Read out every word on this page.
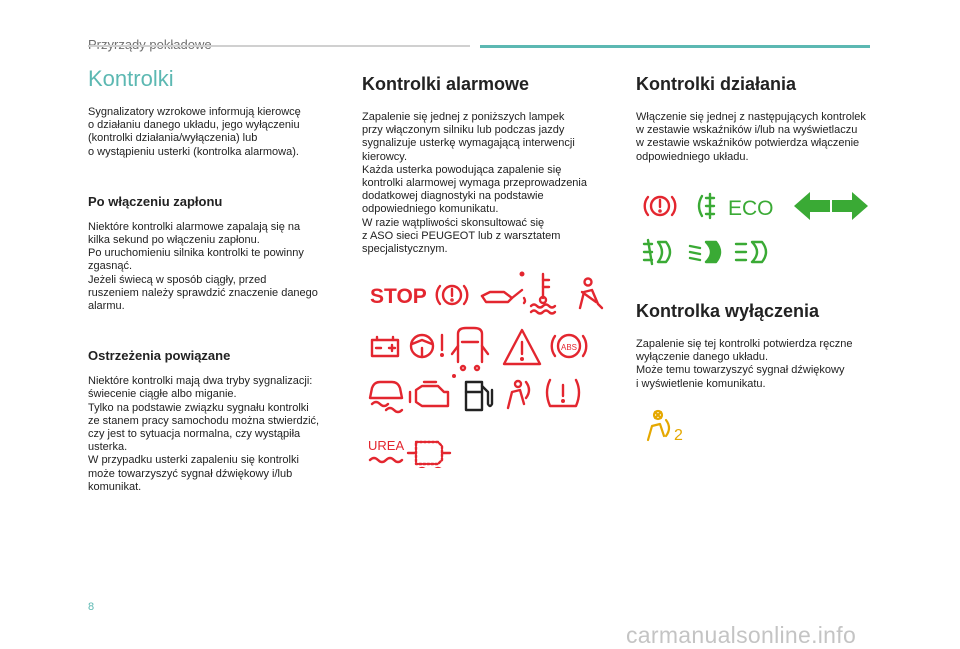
Kontrolki

Sygnalizatory wzrokowe informują kierowcę
o działaniu danego układu, jego wyłączeniu
(kontrolki działania/wyłączenia) lub
o wystąpieniu usterki (kontrolka alarmowa).

Po włączeniu zapłonu

Niektóre kontrolki alarmowe zapalają się na
kilka sekund po włączeniu zapłonu.
Po uruchomieniu silnika kontrolki te powinny
zgasnąć.
Jeżeli świecą w sposób ciągły, przed
ruszeniem należy sprawdzić znaczenie danego
alarmu.

Ostrzeżenia powiązane

Niektóre kontrolki mają dwa tryby sygnalizacji:
świecenie ciągłe albo miganie.
Tylko na podstawie związku sygnału kontrolki
ze stanem pracy samochodu można stwierdzić,
czy jest to sytuacja normalna, czy wystąpiła
usterka.
W przypadku usterki zapaleniu się kontrolki
może towarzyszyć sygnał dźwiękowy i/lub
komunikat.

Kontrolki alarmowe

Zapalenie się jednej z poniższych lampek
przy włączonym silniku lub podczas jazdy
sygnalizuje usterkę wymagającą interwencji
kierowcy.
Każda usterka powodująca zapalenie się
kontrolki alarmowej wymaga przeprowadzenia
dodatkowej diagnostyki na podstawie
odpowiedniego komunikatu.
W razie wątpliwości skonsultować się
z ASO sieci PEUGEOT lub z warsztatem
specjalistycznym.

Kontrolki działania

Włączenie się jednej z następujących kontrolek
w zestawie wskaźników i/lub na wyświetlaczu
w zestawie wskaźników potwierdza włączenie
odpowiedniego układu.

Kontrolka wyłączenia

Zapalenie się tej kontrolki potwierdza ręczne
wyłączenie danego układu.
Może temu towarzyszyć sygnał dźwiękowy
i wyświetlenie komunikatu.

STOP
ABS
UREA
ECO
2
8
carmanualsonline.info
